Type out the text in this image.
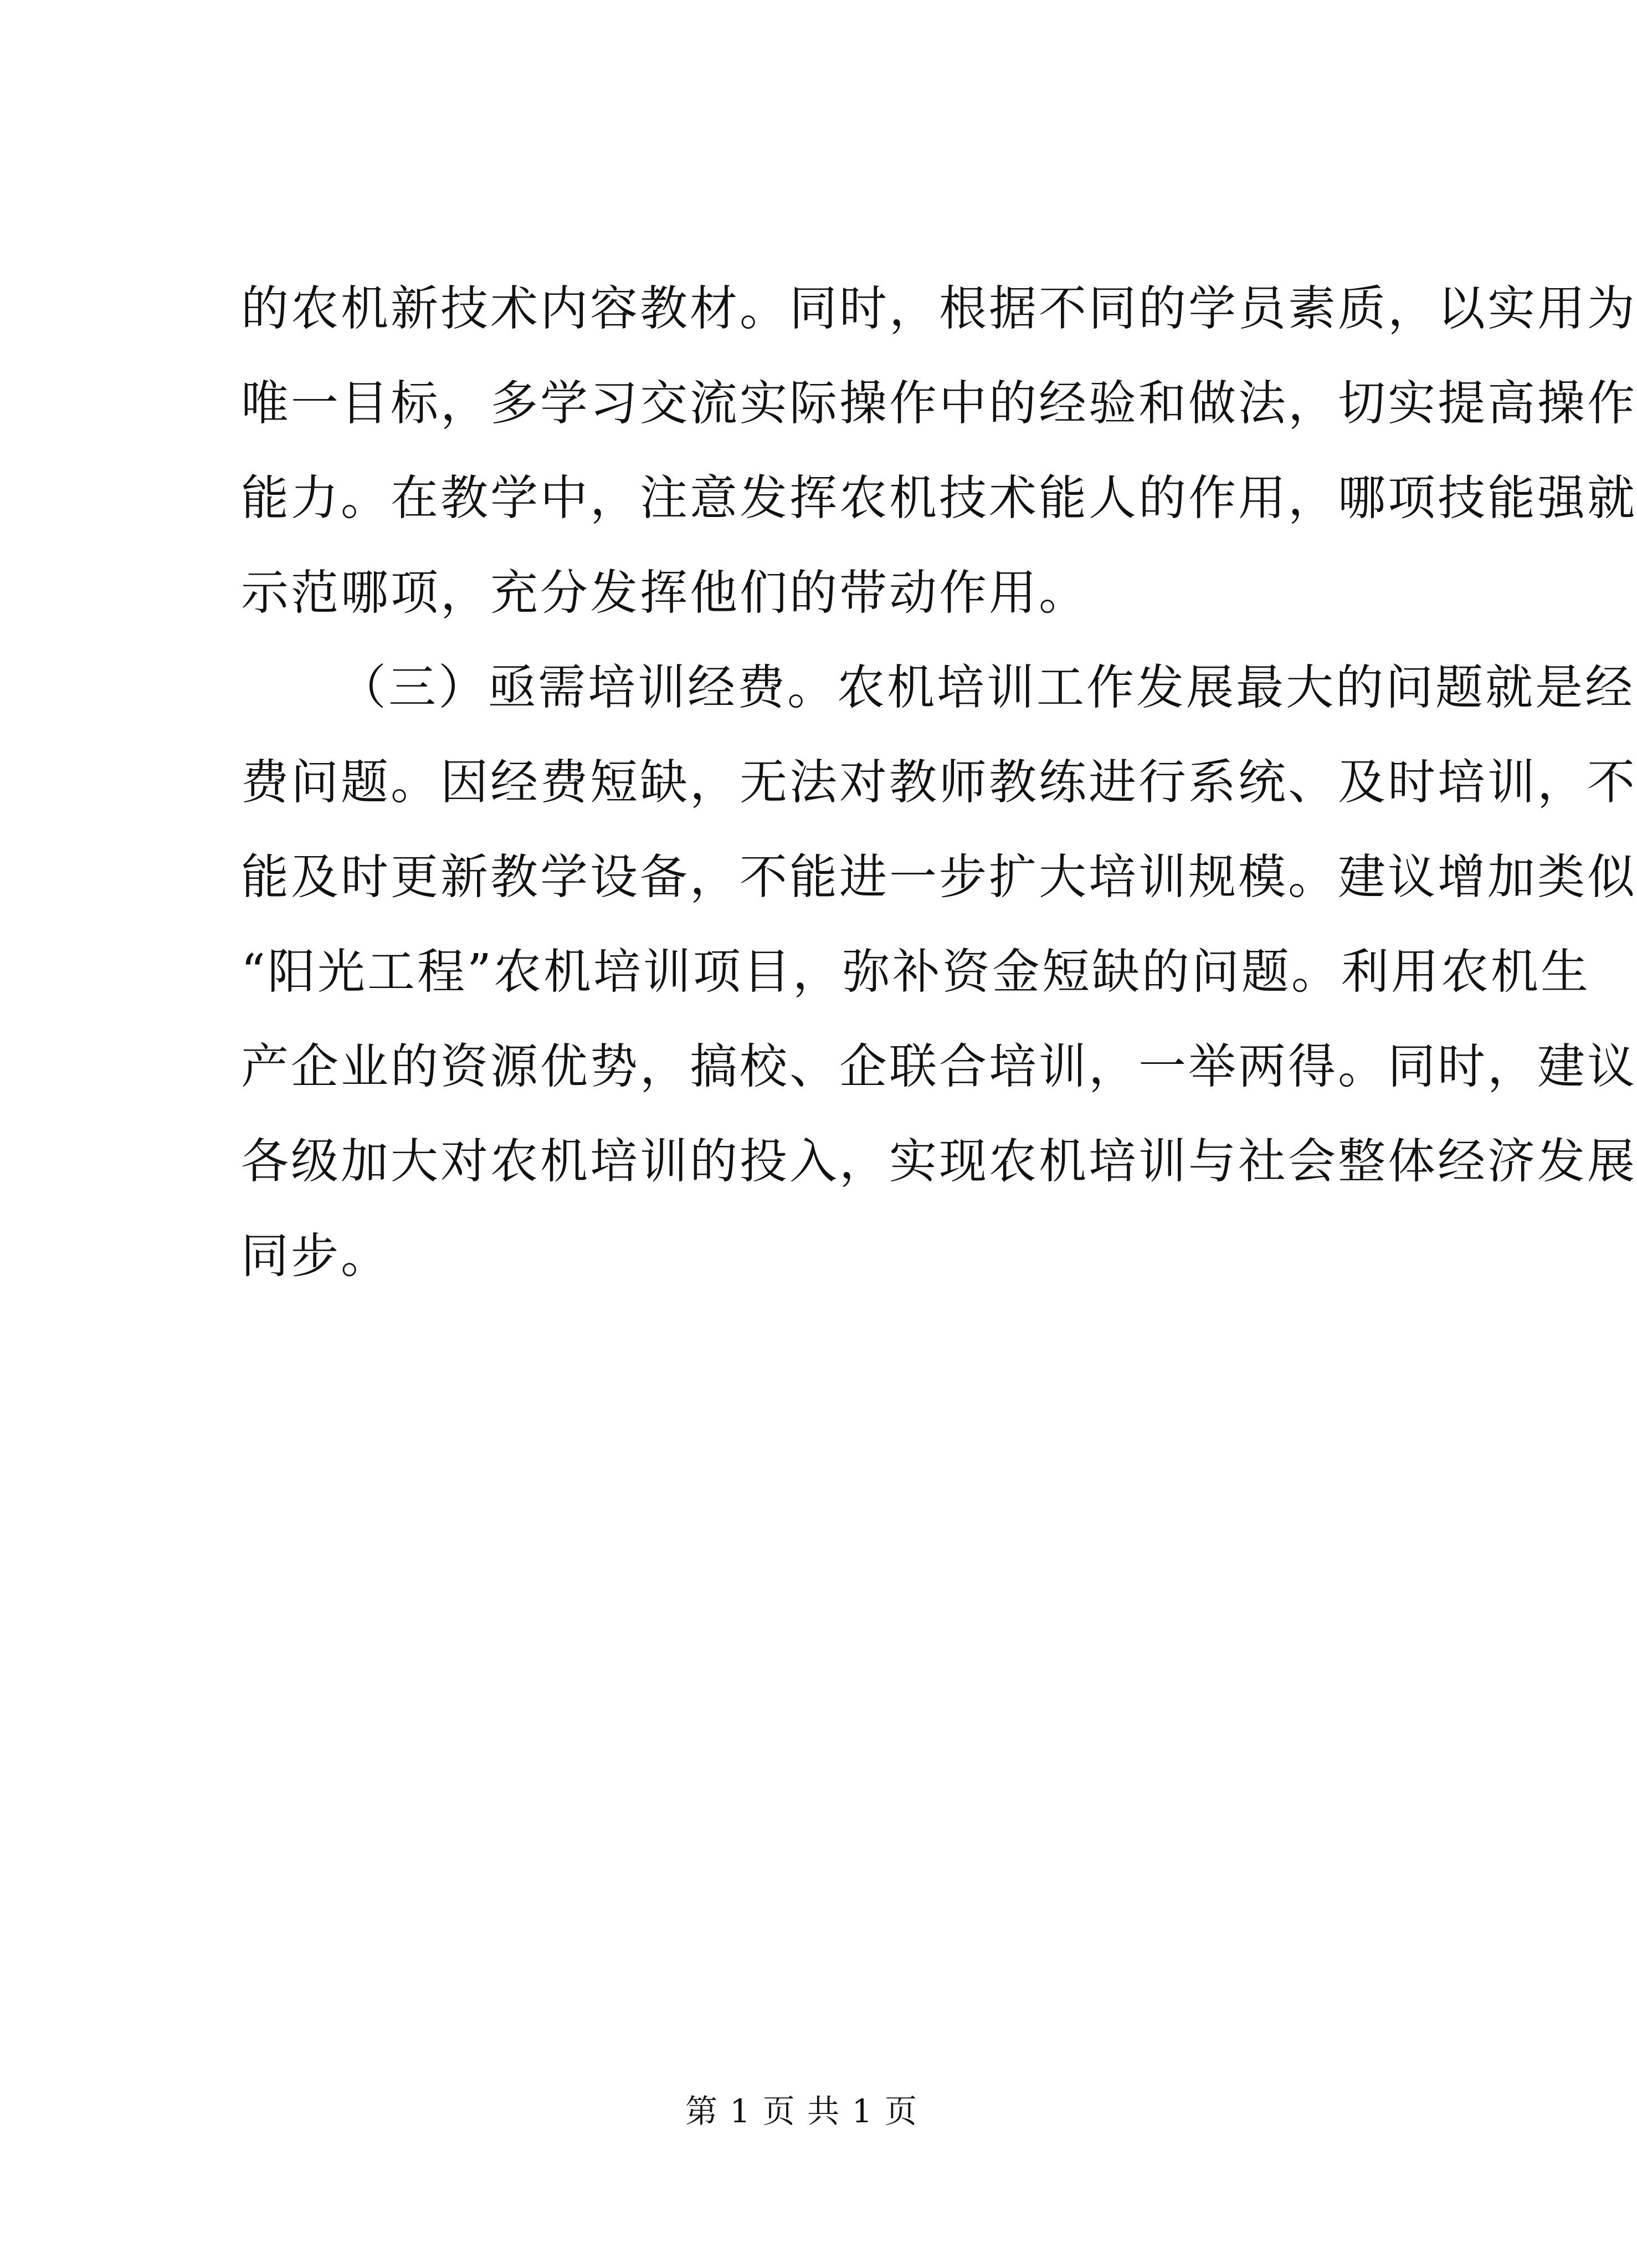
的农机新技术内容教材。同时，根据不同的学员素质，以实用为
唯一目标，多学习交流实际操作中的经验和做法，切实提高操作
能力。在教学中，注意发挥农机技术能人的作用，哪项技能强就
示范哪项，充分发挥他们的带动作用。
（三）亟需培训经费。农机培训工作发展最大的问题就是经
费问题。因经费短缺，无法对教师教练进行系统、及时培训，不
能及时更新教学设备，不能进一步扩大培训规模。建议增加类似
“阳光工程”农机培训项目，弥补资金短缺的问题。利用农机生
产企业的资源优势，搞校、企联合培训，一举两得。同时，建议
各级加大对农机培训的投入，实现农机培训与社会整体经济发展
同步。
第 1 页 共 1 页
